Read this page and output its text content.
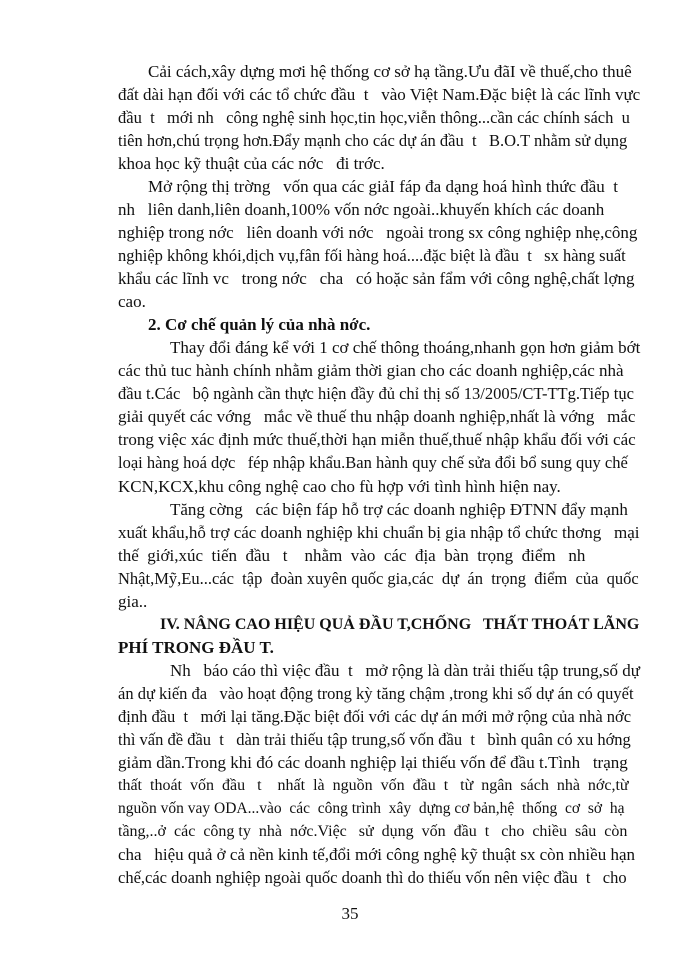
Cải cách,xây dựng mơi hệ thống cơ sở hạ tầng.Ưu đãI về thuế,cho thuê
đất dài hạn đối với các tổ chức đầu  t   vào Việt Nam.Đặc biệt là các lĩnh vực
đầu  t   mới nh   công nghệ sinh học,tin học,viễn thông...cần các chính sách  u
tiên hơn,chú trọng hơn.Đẩy mạnh cho các dự án đầu  t   B.O.T nhằm sử dụng
khoa học kỹ thuật của các nớc   đi trớc.
Mở rộng thị trờng   vốn qua các giảI fáp đa dạng hoá hình thức đầu  t
nh   liên danh,liên doanh,100% vốn nớc ngoài..khuyến khích các doanh
nghiệp trong nớc   liên doanh với nớc   ngoài trong sx công nghiệp nhẹ,công
nghiệp không khói,dịch vụ,fân fối hàng hoá....đặc biệt là đầu  t   sx hàng suất
khẩu các lĩnh vc   trong nớc   cha   có hoặc sản fẩm với công nghệ,chất lợng
cao.
2. Cơ chế quản lý của nhà nớc.
Thay đổi đáng kể với 1 cơ chế thông thoáng,nhanh gọn hơn giảm bớt
các thủ tuc hành chính nhằm giảm thời gian cho các doanh nghiệp,các nhà
đầu t.Các   bộ ngành cần thực hiện đầy đủ chỉ thị số 13/2005/CT-TTg.Tiếp tục
giải quyết các vớng   mắc về thuế thu nhập doanh nghiệp,nhất là vớng   mắc
trong việc xác định mức thuế,thời hạn miễn thuế,thuế nhập khẩu đối với các
loại hàng hoá dợc   fép nhập khẩu.Ban hành quy chế sửa đổi bổ sung quy chế
KCN,KCX,khu công nghệ cao cho fù hợp với tình hình hiện nay.
Tăng cờng   các biện fáp hỗ trợ các doanh nghiệp ĐTNN đẩy mạnh
xuất khẩu,hỗ trợ các doanh nghiệp khi chuẩn bị gia nhập tổ chức thơng   mại
thế  giới,xúc  tiến  đầu   t    nhằm  vào  các  địa  bàn  trọng  điểm   nh
Nhật,Mỹ,Eu...các  tập  đoàn xuyên quốc gia,các  dự  án  trọng  điểm  của  quốc
gia..
IV. NÂNG CAO HIỆU QUẢ ĐẦU T,CHỐNG   THẤT THOÁT LÃNG
PHÍ TRONG ĐẦU T.
Nh   báo cáo thì việc đầu  t   mở rộng là dàn trải thiếu tập trung,số dự
án dự kiến đa   vào hoạt động trong kỳ tăng chậm ,trong khi số dự án có quyết
định đầu  t   mới lại tăng.Đặc biệt đối với các dự án mới mở rộng của nhà nớc
thì vấn đề đầu  t   dàn trải thiếu tập trung,số vốn đầu  t   bình quân có xu hớng
giảm dần.Trong khi đó các doanh nghiệp lại thiếu vốn để đầu t.Tình   trạng
thất  thoát  vốn  đầu   t    nhất  là  nguồn  vốn  đầu  t   từ  ngân  sách  nhà  nớc,từ
nguồn vốn vay ODA...vào  các  công trình  xây  dựng cơ bản,hệ  thống  cơ  sở  hạ
tầng,..ở  các  công ty  nhà  nớc.Việc   sử  dụng  vốn  đầu  t   cho  chiều  sâu  còn
cha   hiệu quả ở cả nền kinh tế,đổi mới công nghệ kỹ thuật sx còn nhiều hạn
chế,các doanh nghiệp ngoài quốc doanh thì do thiếu vốn nên việc đầu  t   cho
35
